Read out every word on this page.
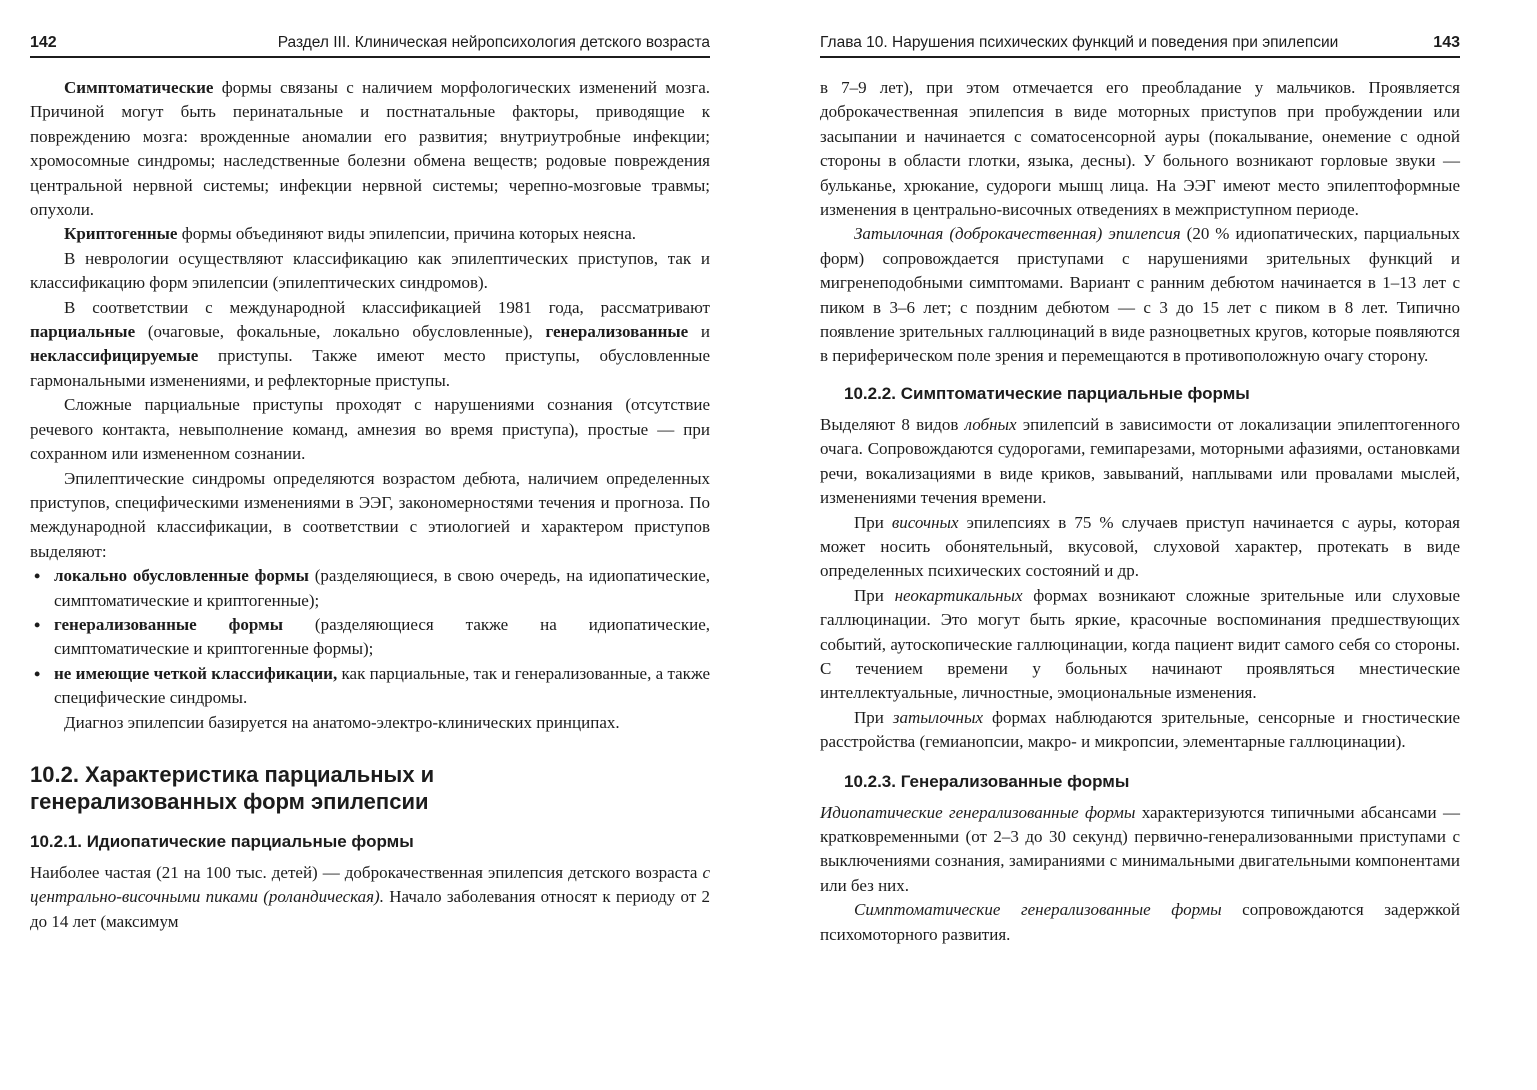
142	Раздел III. Клиническая нейропсихология детского возраста

Симптоматические формы связаны с наличием морфологических изменений мозга. Причиной могут быть перинатальные и постнатальные факторы, приводящие к повреждению мозга: врожденные аномалии его развития; внутриутробные инфекции; хромосомные синдромы; наследственные болезни обмена веществ; родовые повреждения центральной нервной системы; инфекции нервной системы; черепно-мозговые травмы; опухоли.

Криптогенные формы объединяют виды эпилепсии, причина которых неясна.

В неврологии осуществляют классификацию как эпилептических приступов, так и классификацию форм эпилепсии (эпилептических синдромов).

В соответствии с международной классификацией 1981 года, рассматривают парциальные (очаговые, фокальные, локально обусловленные), генерализованные и неклассифицируемые приступы. Также имеют место приступы, обусловленные гармональными изменениями, и рефлекторные приступы.

Сложные парциальные приступы проходят с нарушениями сознания (отсутствие речевого контакта, невыполнение команд, амнезия во время приступа), простые — при сохранном или измененном сознании.

Эпилептические синдромы определяются возрастом дебюта, наличием определенных приступов, специфическими изменениями в ЭЭГ, закономерностями течения и прогноза. По международной классификации, в соответствии с этиологией и характером приступов выделяют:

• локально обусловленные формы (разделяющиеся, в свою очередь, на идиопатические, симптоматические и криптогенные);
• генерализованные формы (разделяющиеся также на идиопатические, симптоматические и криптогенные формы);
• не имеющие четкой классификации, как парциальные, так и генерализованные, а также специфические синдромы.

Диагноз эпилепсии базируется на анатомо-электро-клинических принципах.

10.2. Характеристика парциальных и генерализованных форм эпилепсии
10.2.1. Идиопатические парциальные формы

Наиболее частая (21 на 100 тыс. детей) — доброкачественная эпилепсия детского возраста с центрально-височными пиками (роландическая). Начало заболевания относят к периоду от 2 до 14 лет (максимум

Глава 10. Нарушения психических функций и поведения при эпилепсии	143

в 7–9 лет), при этом отмечается его преобладание у мальчиков. Проявляется доброкачественная эпилепсия в виде моторных приступов при пробуждении или засыпании и начинается с соматосенсорной ауры (покалывание, онемение с одной стороны в области глотки, языка, десны). У больного возникают горловые звуки — бульканье, хрюкание, судороги мышц лица. На ЭЭГ имеют место эпилептоформные изменения в центрально-височных отведениях в межприступном периоде.

Затылочная (доброкачественная) эпилепсия (20 % идиопатических, парциальных форм) сопровождается приступами с нарушениями зрительных функций и мигренеподобными симптомами. Вариант с ранним дебютом начинается в 1–13 лет с пиком в 3–6 лет; с поздним дебютом — с 3 до 15 лет с пиком в 8 лет. Типично появление зрительных галлюцинаций в виде разноцветных кругов, которые появляются в периферическом поле зрения и перемещаются в противоположную очагу сторону.

10.2.2. Симптоматические парциальные формы

Выделяют 8 видов лобных эпилепсий в зависимости от локализации эпилептогенного очага. Сопровождаются судорогами, гемипарезами, моторными афазиями, остановками речи, вокализациями в виде криков, завываний, наплывами или провалами мыслей, изменениями течения времени.

При височных эпилепсиях в 75 % случаев приступ начинается с ауры, которая может носить обонятельный, вкусовой, слуховой характер, протекать в виде определенных психических состояний и др.

При неокартикальных формах возникают сложные зрительные или слуховые галлюцинации. Это могут быть яркие, красочные воспоминания предшествующих событий, аутоскопические галлюцинации, когда пациент видит самого себя со стороны. С течением времени у больных начинают проявляться мнестические интеллектуальные, личностные, эмоциональные изменения.

При затылочных формах наблюдаются зрительные, сенсорные и гностические расстройства (гемианопсии, макро- и микропсии, элементарные галлюцинации).

10.2.3. Генерализованные формы

Идиопатические генерализованные формы характеризуются типичными абсансами — кратковременными (от 2–3 до 30 секунд) первично-генерализованными приступами с выключениями сознания, замираниями с минимальными двигательными компонентами или без них.

Симптоматические генерализованные формы сопровождаются задержкой психомоторного развития.
